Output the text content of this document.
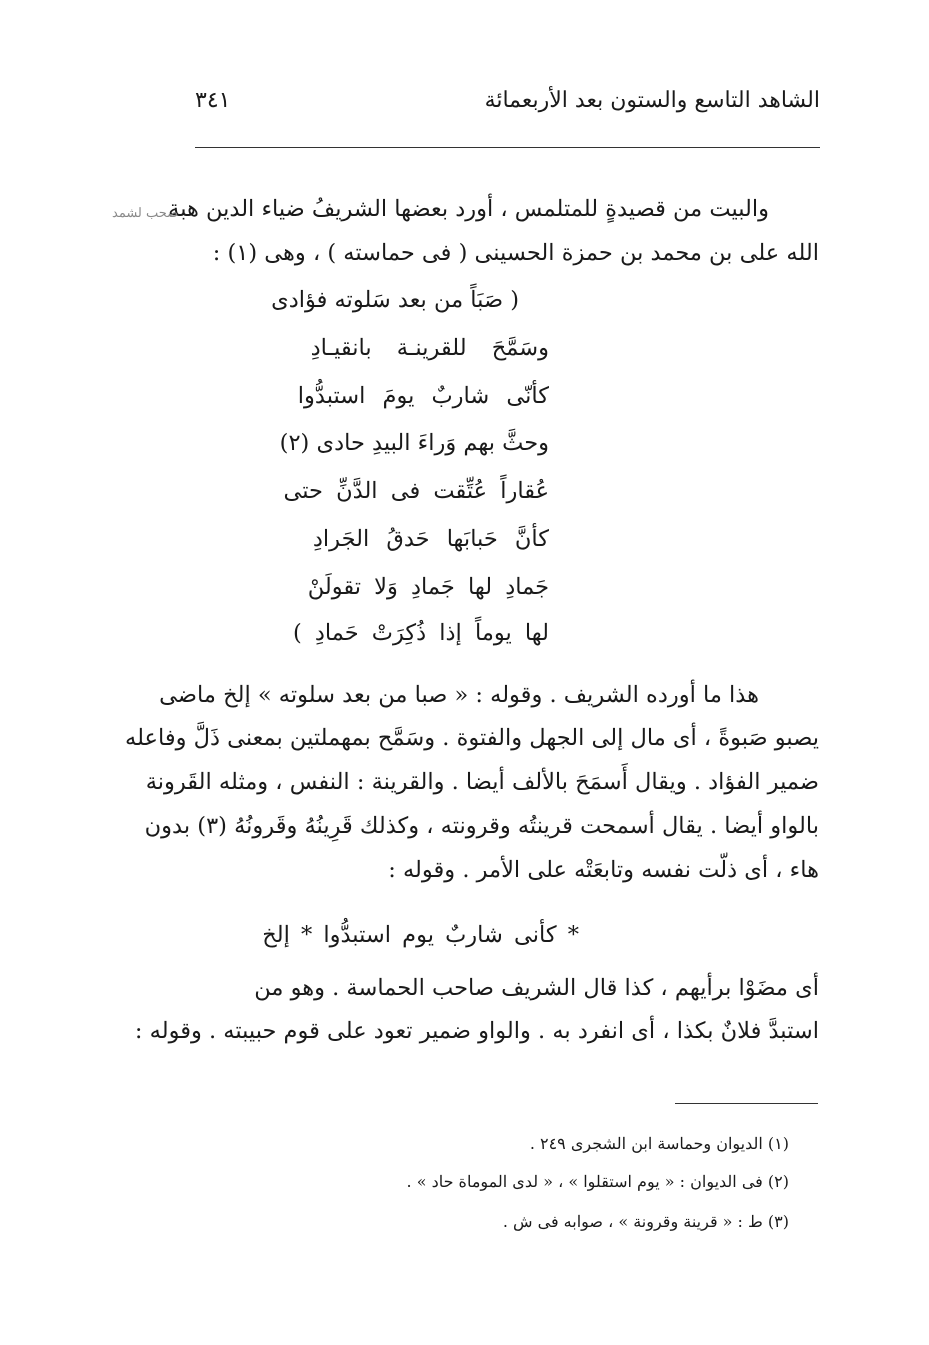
الشاهد التاسع والستون بعد الأربعمائة
٣٤١
والبيت من قصيدةٍ للمتلمس ، أورد بعضها الشريفُ ضياء الدين هبة
صحب لشمد
الله على بن محمد بن حمزة الحسينى ( فى حماسته ) ، وهى (١) :
( صَبَاً من بعد سَلوته فؤادى
وسَمَّحَ للقرينـة بانقيـادِ
كأنّى شاربٌ يومَ استبدُّوا
وحثَّ بهم وَراءَ البيدِ حادى (٢)
عُقاراً عُتِّقت فى الدَّنِّ حتى
كأنَّ حَبابَها حَدقُ الجَرادِ
جَمادِ لها جَمادِ وَلا تقولَنْ
لها يوماً إذا ذُكِرَتْ حَمادِ )
هذا ما أورده الشريف . وقوله : « صبا من بعد سلوته » إلخ ماضى
يصبو صَبوةً ، أى مال إلى الجهل والفتوة . وسَمَّح بمهملتين بمعنى ذَلَّ وفاعله
ضمير الفؤاد . ويقال أَسمَحَ بالألف أيضا . والقرينة : النفس ، ومثله القَرونة
بالواو أيضا . يقال أسمحت قرينتُه وقرونته ، وكذلك قَرِينُهُ وقَرونُهُ (٣) بدون
هاء ، أى ذلّت نفسه وتابعَتْه على الأمر . وقوله :
* كأنى شاربٌ يوم استبدُّوا * إلخ
أى مضَوْا برأيهم ، كذا قال الشريف صاحب الحماسة . وهو من
استبدَّ فلانٌ بكذا ، أى انفرد به . والواو ضمير تعود على قوم حبيبته . وقوله :
(١) الديوان وحماسة ابن الشجرى ٢٤٩ .
(٢) فى الديوان : « يوم استقلوا » ، « لدى الموماة حاد » .
(٣) ط : « قرينة وقرونة » ، صوابه فى ش .
